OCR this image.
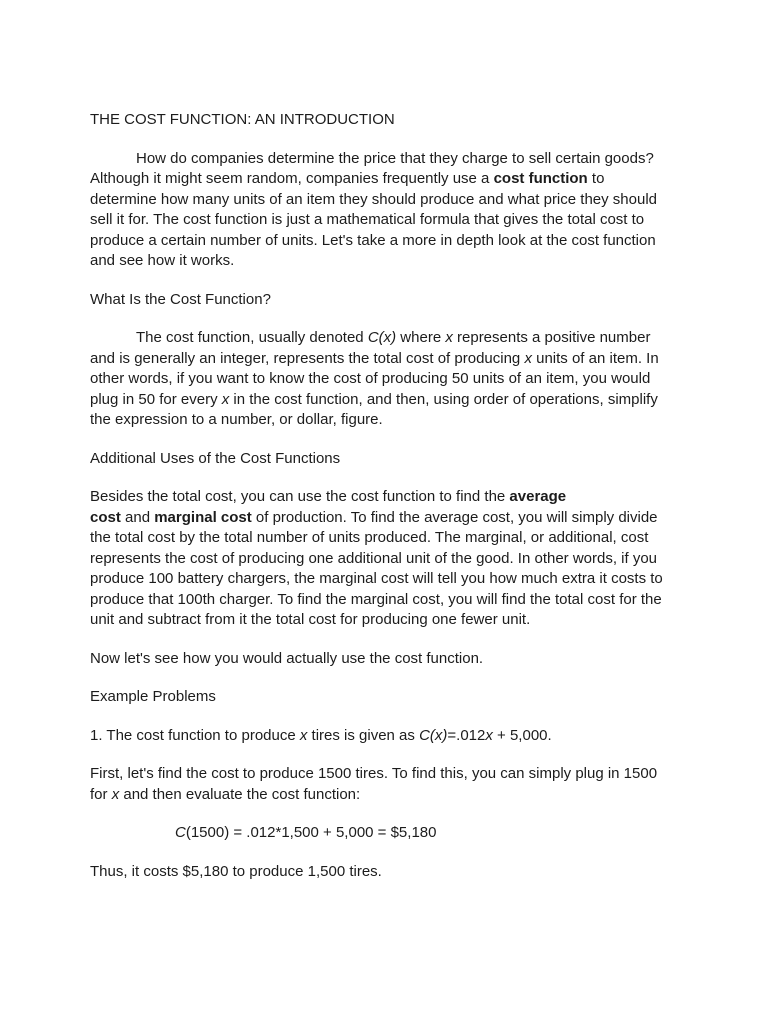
THE COST FUNCTION: AN INTRODUCTION
How do companies determine the price that they charge to sell certain goods?
Although it might seem random, companies frequently use a cost function to
determine how many units of an item they should produce and what price they should
sell it for. The cost function is just a mathematical formula that gives the total cost to
produce a certain number of units. Let's take a more in depth look at the cost function
and see how it works.
What Is the Cost Function?
The cost function, usually denoted C(x) where x represents a positive number
and is generally an integer, represents the total cost of producing x units of an item. In
other words, if you want to know the cost of producing 50 units of an item, you would
plug in 50 for every x in the cost function, and then, using order of operations, simplify
the expression to a number, or dollar, figure.
Additional Uses of the Cost Functions
Besides the total cost, you can use the cost function to find the average
cost and marginal cost of production. To find the average cost, you will simply divide
the total cost by the total number of units produced. The marginal, or additional, cost
represents the cost of producing one additional unit of the good. In other words, if you
produce 100 battery chargers, the marginal cost will tell you how much extra it costs to
produce that 100th charger. To find the marginal cost, you will find the total cost for the
unit and subtract from it the total cost for producing one fewer unit.
Now let's see how you would actually use the cost function.
Example Problems
1. The cost function to produce x tires is given as C(x)=.012x + 5,000.
First, let's find the cost to produce 1500 tires. To find this, you can simply plug in 1500
for x and then evaluate the cost function:
C(1500) = .012*1,500 + 5,000 = $5,180
Thus, it costs $5,180 to produce 1,500 tires.
